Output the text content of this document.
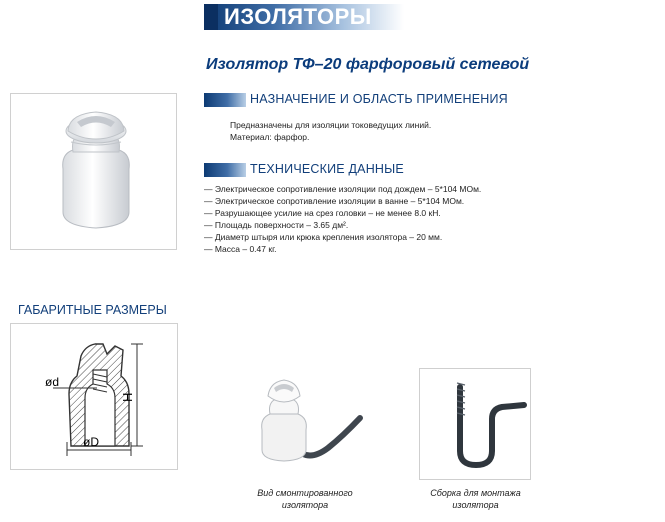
ИЗОЛЯТОРЫ
Изолятор ТФ–20 фарфоровый сетевой
НАЗНАЧЕНИЕ И ОБЛАСТЬ ПРИМЕНЕНИЯ
Предназначены для изоляции токоведущих линий.
Материал: фарфор.
ТЕХНИЧЕСКИЕ ДАННЫЕ
— Электрическое сопротивление изоляции под дождем – 5*104 МОм.
— Электрическое сопротивление изоляции в ванне – 5*104 МОм.
— Разрушающее усилие на срез головки – не менее 8.0 кН.
— Площадь поверхности – 3.65 дм².
— Диаметр штыря или крюка крепления изолятора – 20 мм.
— Масса – 0.47 кг.
ГАБАРИТНЫЕ РАЗМЕРЫ
H
ød
øD
Вид смонтированного
изолятора
Сборка для монтажа
изолятора
